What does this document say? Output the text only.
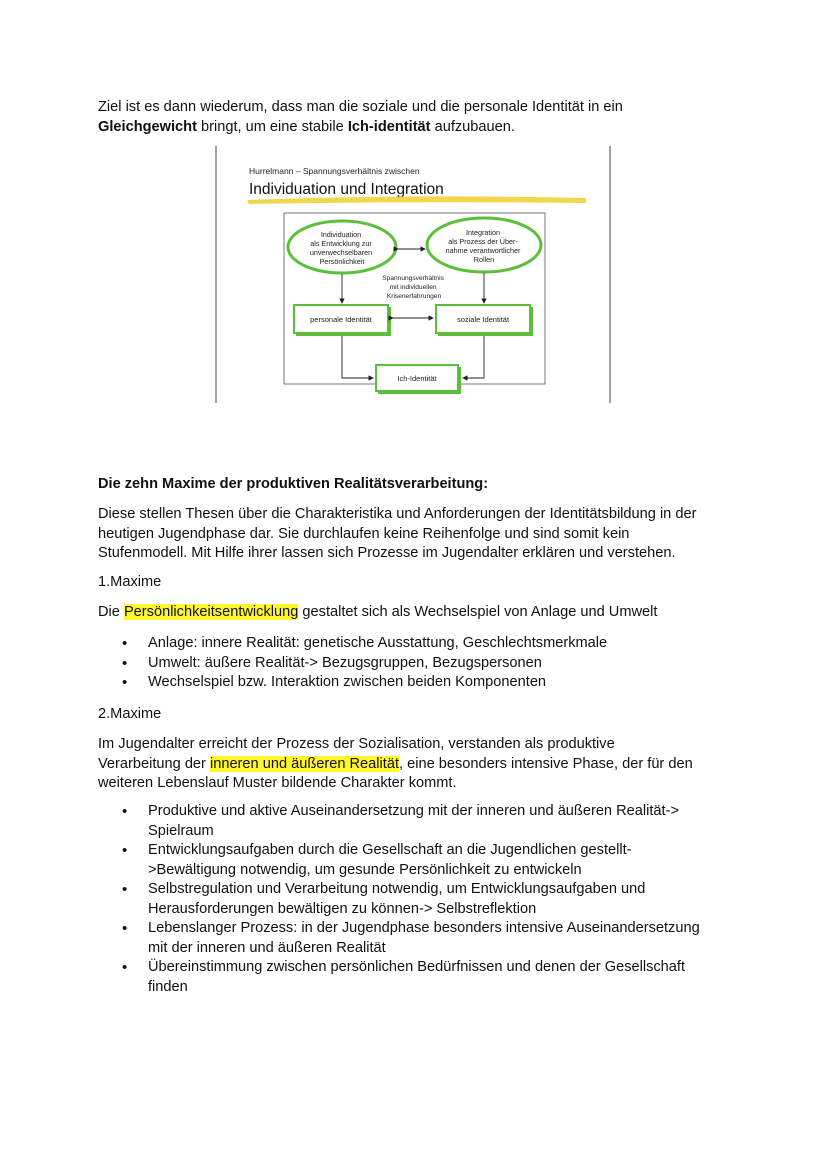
Ziel ist es dann wiederum, dass man die soziale und die personale Identität in ein
Gleichgewicht bringt, um eine stabile Ich-identität aufzubauen.

Hurrelmann – Spannungsverhältnis zwischen
Individuation und Integration
Individuation als Entwicklung zur unverwechselbaren Persönlichkeit
Integration als Prozess der Über- nahme verantwortlicher Rollen
Spannungsverhältnis mit individuellen Krisenerfahrungen
personale Identität	soziale Identität
Ich-Identität

Die zehn Maxime der produktiven Realitätsverarbeitung:

Diese stellen Thesen über die Charakteristika und Anforderungen der Identitätsbildung in der
heutigen Jugendphase dar. Sie durchlaufen keine Reihenfolge und sind somit kein
Stufenmodell. Mit Hilfe ihrer lassen sich Prozesse im Jugendalter erklären und verstehen.

1.Maxime

Die Persönlichkeitsentwicklung gestaltet sich als Wechselspiel von Anlage und Umwelt

• Anlage: innere Realität: genetische Ausstattung, Geschlechtsmerkmale
• Umwelt: äußere Realität-> Bezugsgruppen, Bezugspersonen
• Wechselspiel bzw. Interaktion zwischen beiden Komponenten

2.Maxime

Im Jugendalter erreicht der Prozess der Sozialisation, verstanden als produktive
Verarbeitung der inneren und äußeren Realität, eine besonders intensive Phase, der für den
weiteren Lebenslauf Muster bildende Charakter kommt.

• Produktive und aktive Auseinandersetzung mit der inneren und äußeren Realität->
Spielraum
• Entwicklungsaufgaben durch die Gesellschaft an die Jugendlichen gestellt-
>Bewältigung notwendig, um gesunde Persönlichkeit zu entwickeln
• Selbstregulation und Verarbeitung notwendig, um Entwicklungsaufgaben und
Herausforderungen bewältigen zu können-> Selbstreflektion
• Lebenslanger Prozess: in der Jugendphase besonders intensive Auseinandersetzung
mit der inneren und äußeren Realität
• Übereinstimmung zwischen persönlichen Bedürfnissen und denen der Gesellschaft
finden
